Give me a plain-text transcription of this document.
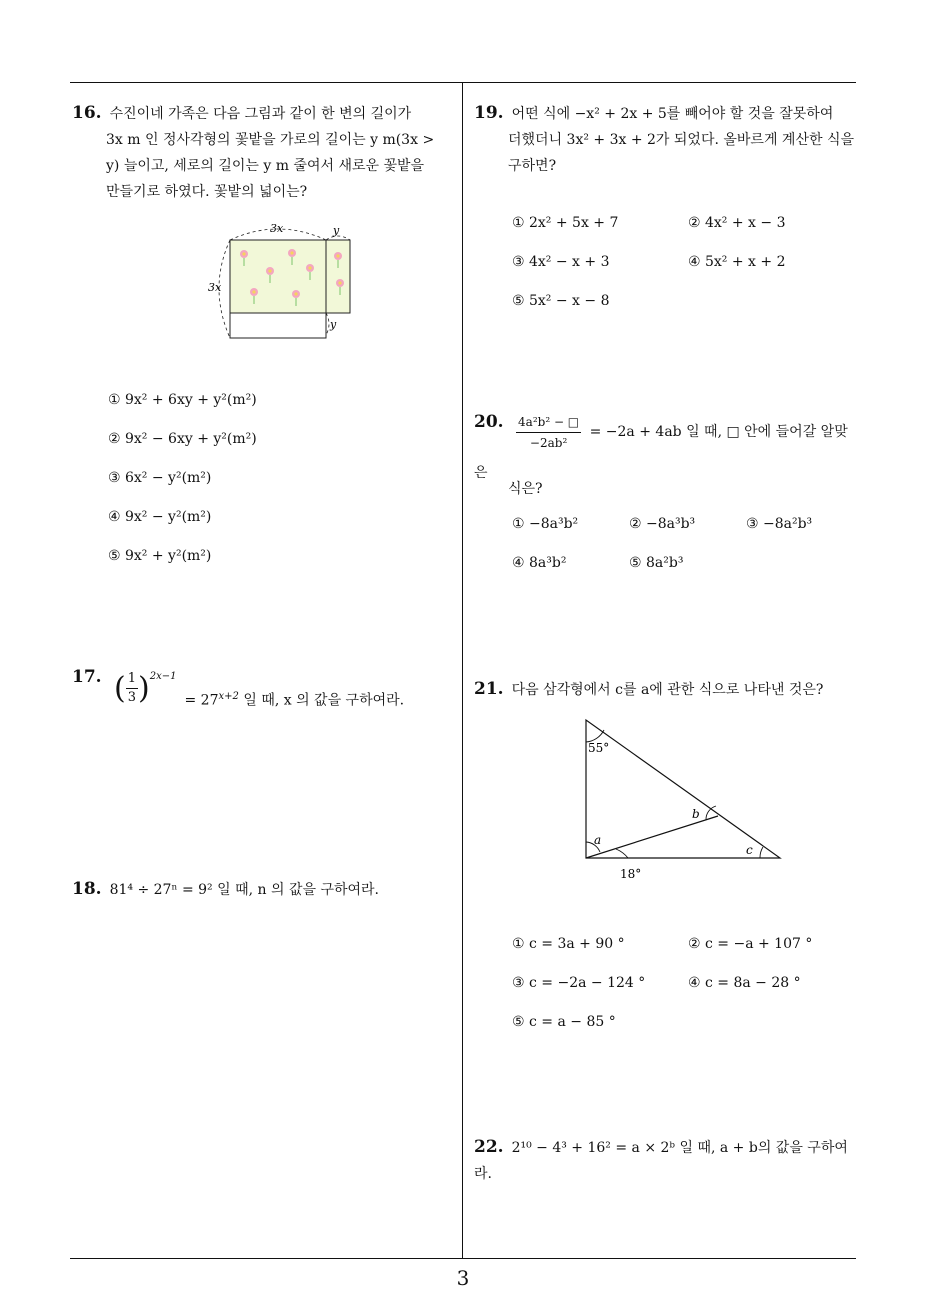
16. 수진이네 가족은 다음 그림과 같이 한 변의 길이가
3x m 인 정사각형의 꽃밭을 가로의 길이는 y m(3x >
y) 늘이고, 세로의 길이는 y m 줄여서 새로운 꽃밭을
만들기로 하였다. 꽃밭의 넓이는?
3x
3x
y
y
① 9x² + 6xy + y²(m²)
② 9x² − 6xy + y²(m²)
③ 6x² − y²(m²)
④ 9x² − y²(m²)
⑤ 9x² + y²(m²)
17. ( $\frac{1}{3} )^{2x-1}$
= $27^{x+2}$ 일 때, x 의 값을 구하여라.
18. 81⁴ ÷ 27ⁿ = 9² 일 때, n 의 값을 구하여라.
19. 어떤 식에 −x² + 2x + 5를 빼어야 할 것을 잘못하여
더했더니 3x² + 3x + 2가 되었다. 올바르게 계산한 식을
구하면?
① 2x² + 5x + 7	② 4x² + x − 3
③ 4x² − x + 3	④ 5x² + x + 2
⑤ 5x² − x − 8
20. $\frac{\text{4a²b² − □}}{\text{−2ab²}} = -2a + 4ab$ 일 때, □ 안에 들어갈 알맞은
식은?
① −8a³b²	② −8a³b³	③ −8a²b³
④ 8a³b²	⑤ 8a²b³
21. 다음 삼각형에서 c를 a에 관한 식으로 나타낸 것은?
55°
a
b
c
18°
① c = 3a + 90 °	② c = −a + 107 °
③ c = −2a − 124 °	④ c = 8a − 28 °
⑤ c = a − 85 °
22. 2¹⁰ − 4³ + 16² = a × 2ᵇ 일 때, a + b의 값을 구하여라.
3
